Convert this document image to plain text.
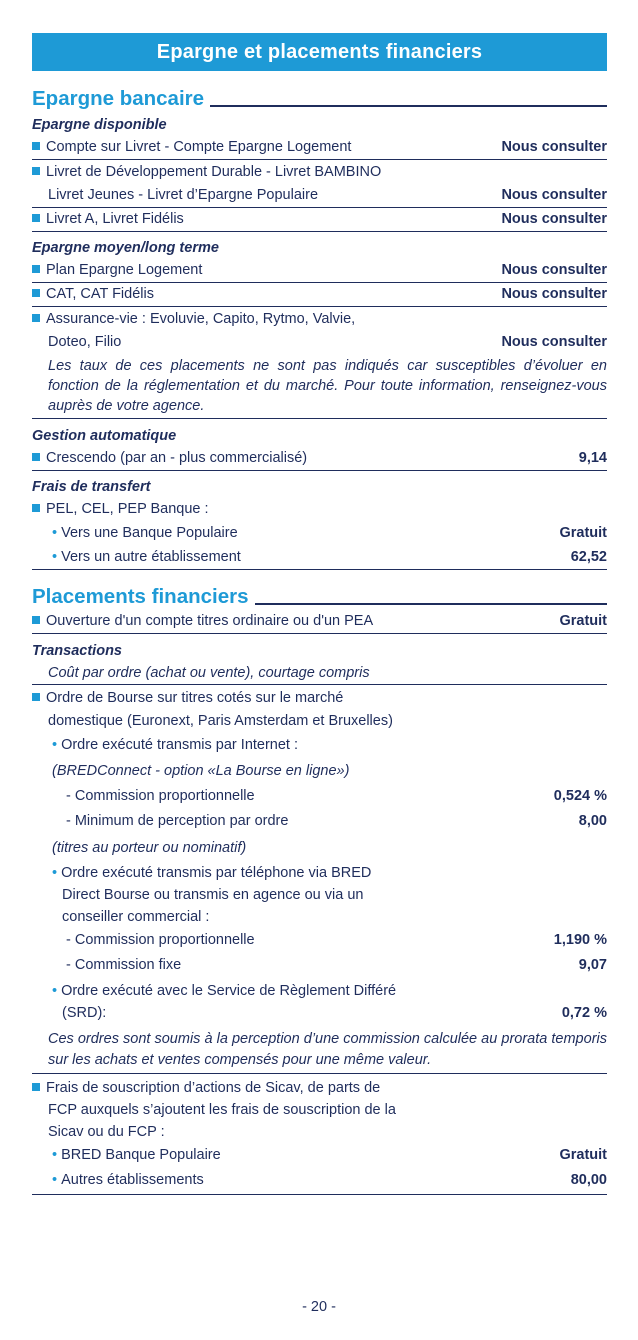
Epargne et placements financiers
Epargne bancaire
Epargne disponible
Compte sur Livret - Compte Epargne Logement	Nous consulter
Livret de Développement Durable - Livret BAMBINO
Livret Jeunes - Livret d’Epargne Populaire	Nous consulter
Livret A, Livret Fidélis	Nous consulter
Epargne moyen/long terme
Plan Epargne Logement	Nous consulter
CAT, CAT Fidélis	Nous consulter
Assurance-vie : Evoluvie, Capito, Rytmo, Valvie,
Doteo, Filio	Nous consulter
Les taux de ces placements ne sont pas indiqués car susceptibles d’évoluer en fonction de la réglementation et du marché. Pour toute information, renseignez-vous auprès de votre agence.
Gestion automatique
Crescendo (par an - plus commercialisé)	9,14
Frais de transfert
PEL, CEL, PEP Banque :
• Vers une Banque Populaire	Gratuit
• Vers un autre établissement	62,52
Placements financiers
Ouverture d'un compte titres ordinaire ou d'un PEA	Gratuit
Transactions
Coût par ordre (achat ou vente), courtage compris
Ordre de Bourse sur titres cotés sur le marché
domestique (Euronext, Paris Amsterdam et Bruxelles)
• Ordre exécuté transmis par Internet :
(BREDConnect - option «La Bourse en ligne»)
- Commission proportionnelle	0,524 %
- Minimum de perception par ordre	8,00
(titres au porteur ou nominatif)
• Ordre exécuté transmis par téléphone via BRED
Direct Bourse ou transmis en agence ou via un
conseiller commercial :
- Commission proportionnelle	1,190 %
- Commission fixe	9,07
• Ordre exécuté avec le Service de Règlement Différé
(SRD):	0,72 %
Ces ordres sont soumis à la perception d’une commission calculée au prorata temporis sur les achats et ventes compensés pour une même valeur.
Frais de souscription d’actions de Sicav, de parts de
FCP auxquels s’ajoutent les frais de souscription de la
Sicav ou du FCP :
• BRED Banque Populaire	Gratuit
• Autres établissements	80,00
- 20 -
